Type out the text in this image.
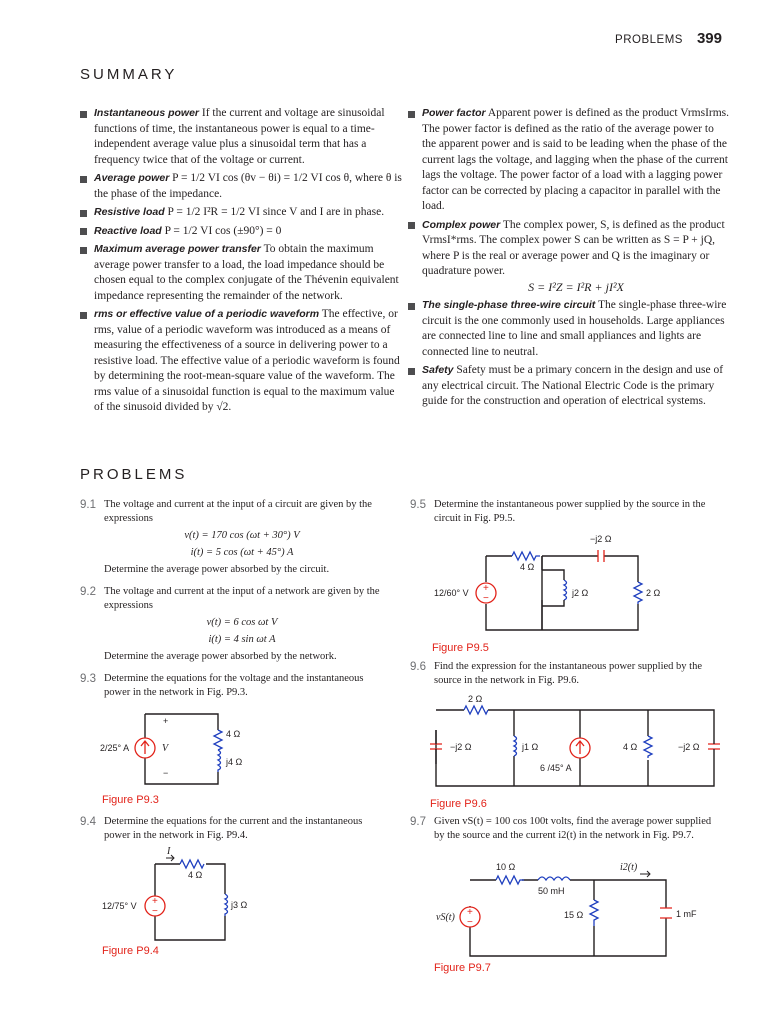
PROBLEMS 399
SUMMARY
Instantaneous power If the current and voltage are sinusoidal functions of time, the instantaneous power is equal to a time-independent average value plus a sinusoidal term that has a frequency twice that of the voltage or current.
Average power P = 1/2 VI cos (θv − θi) = 1/2 VI cos θ, where θ is the phase of the impedance.
Resistive load P = 1/2 I²R = 1/2 VI since V and I are in phase.
Reactive load P = 1/2 VI cos (±90°) = 0
Maximum average power transfer To obtain the maximum average power transfer to a load, the load impedance should be chosen equal to the complex conjugate of the Thévenin equivalent impedance representing the remainder of the network.
rms or effective value of a periodic waveform The effective, or rms, value of a periodic waveform was introduced as a means of measuring the effectiveness of a source in delivering power to a resistive load. The effective value of a periodic waveform is found by determining the root-mean-square value of the waveform. The rms value of a sinusoidal function is equal to the maximum value of the sinusoid divided by √2.
Power factor Apparent power is defined as the product VrmsIrms. The power factor is defined as the ratio of the average power to the apparent power and is said to be leading when the phase of the current lags the voltage, and lagging when the phase of the current lags the voltage. The power factor of a load with a lagging power factor can be corrected by placing a capacitor in parallel with the load.
Complex power The complex power, S, is defined as the product VrmsI*rms. The complex power S can be written as S = P + jQ, where P is the real or average power and Q is the imaginary or quadrature power.
S = I²Z = I²R + jI²X
The single-phase three-wire circuit The single-phase three-wire circuit is the one commonly used in households. Large appliances are connected line to line and small appliances and lights are connected line to neutral.
Safety Safety must be a primary concern in the design and use of any electrical circuit. The National Electric Code is the primary guide for the construction and operation of electrical systems.
PROBLEMS
9.1 The voltage and current at the input of a circuit are given by the expressions
v(t) = 170 cos (ωt + 30°) V
i(t) = 5 cos (ωt + 45°) A
Determine the average power absorbed by the circuit.
9.2 The voltage and current at the input of a network are given by the expressions
v(t) = 6 cos ωt V
i(t) = 4 sin ωt A
Determine the average power absorbed by the network.
9.3 Determine the equations for the voltage and the instantaneous power in the network in Fig. P9.3.
2/25° A	V
+
−
4 Ω
j4 Ω
Figure P9.3
9.4 Determine the equations for the current and the instantaneous power in the network in Fig. P9.4.
+
−
I
4 Ω
j3 Ω
12/75° V
Figure P9.4
9.5 Determine the instantaneous power supplied by the source in the circuit in Fig. P9.5.
+
−
12/60° V
4 Ω
−j2 Ω
j2 Ω	2 Ω
Figure P9.5
9.6 Find the expression for the instantaneous power supplied by the source in the network in Fig. P9.6.
2 Ω
−j2 Ω	j1 Ω
6 /45° A
4 Ω	−j2 Ω
Figure P9.6
9.7 Given vS(t) = 100 cos 100t volts, find the average power supplied by the source and the current i2(t) in the network in Fig. P9.7.
+
−
10 Ω
50 mH
i2(t)
vS(t)	15 Ω	1 mF
Figure P9.7
